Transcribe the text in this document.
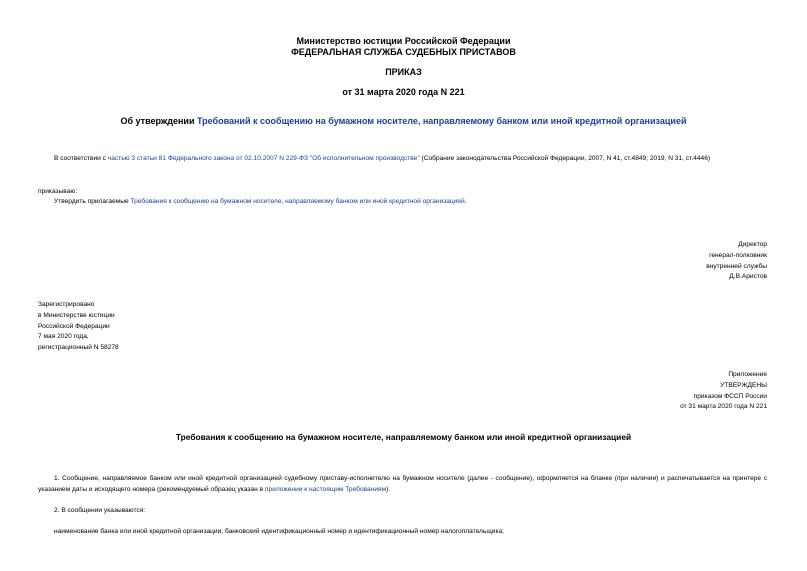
Министерство юстиции Российской Федерации
ФЕДЕРАЛЬНАЯ СЛУЖБА СУДЕБНЫХ ПРИСТАВОВ
ПРИКАЗ
от 31 марта 2020 года N 221
Об утверждении Требований к сообщению на бумажном носителе, направляемому банком или иной кредитной организацией
В соответствии с частью 3 статьи 81 Федерального закона от 02.10.2007 N 229-ФЗ "Об исполнительном производстве" (Собрание законодательства Российской Федерации, 2007, N 41, ст.4849; 2019, N 31, ст.4446)
приказываю:
Утвердить прилагаемые Требования к сообщению на бумажном носителе, направляемому банком или иной кредитной организацией.
Директор
генерал-полковник
внутренней службы
Д.В.Аристов
Зарегистрировано
в Министерстве юстиции
Российской Федерации
7 мая 2020 года,
регистрационный N 58278
Приложение
УТВЕРЖДЕНЫ
приказом ФССП России
от 31 марта 2020 года N 221
Требования к сообщению на бумажном носителе, направляемому банком или иной кредитной организацией
1. Сообщение, направляемое банком или иной кредитной организацией судебному приставу-исполнителю на бумажном носителе (далее - сообщение), оформляется на бланке (при наличии) и распечатывается на принтере с указанием даты и исходящего номера (рекомендуемый образец указан в приложении к настоящим Требованиям).
2. В сообщении указываются:
наименование банка или иной кредитной организации, банковский идентификационный номер и идентификационный номер налогоплательщика;
